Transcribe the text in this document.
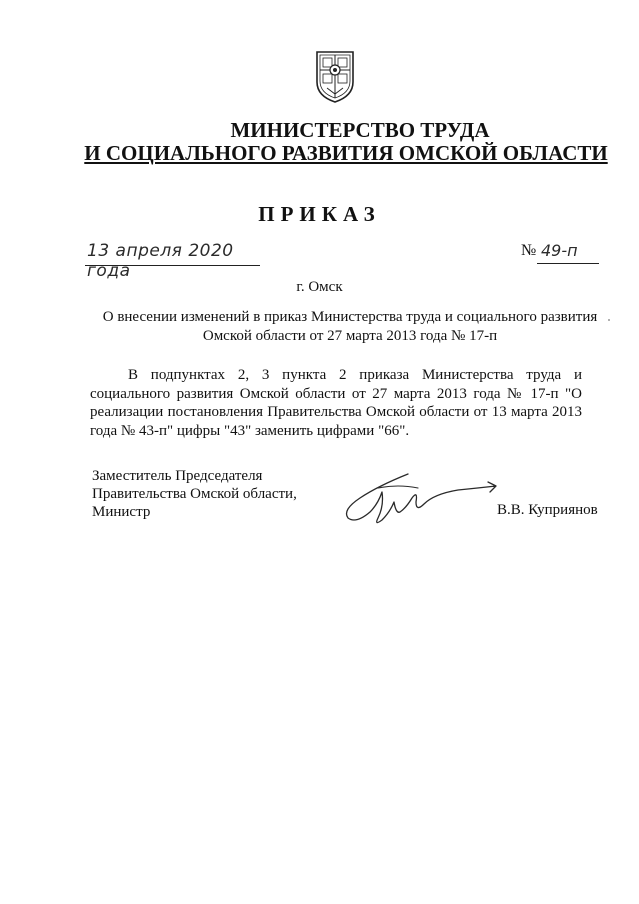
МИНИСТЕРСТВО ТРУДА
И СОЦИАЛЬНОГО РАЗВИТИЯ ОМСКОЙ ОБЛАСТИ
ПРИКАЗ
13 апреля 2020 года
№ 49-п
г. Омск
О внесении изменений в приказ Министерства труда и социального развития Омской области от 27 марта 2013 года № 17-п
В подпунктах 2, 3 пункта 2 приказа Министерства труда и социального развития Омской области от 27 марта 2013 года № 17-п "О реализации постановления Правительства Омской области от 13 марта 2013 года № 43-п" цифры "43" заменить цифрами "66".
Заместитель Председателя
Правительства Омской области,
Министр	В.В. Куприянов
